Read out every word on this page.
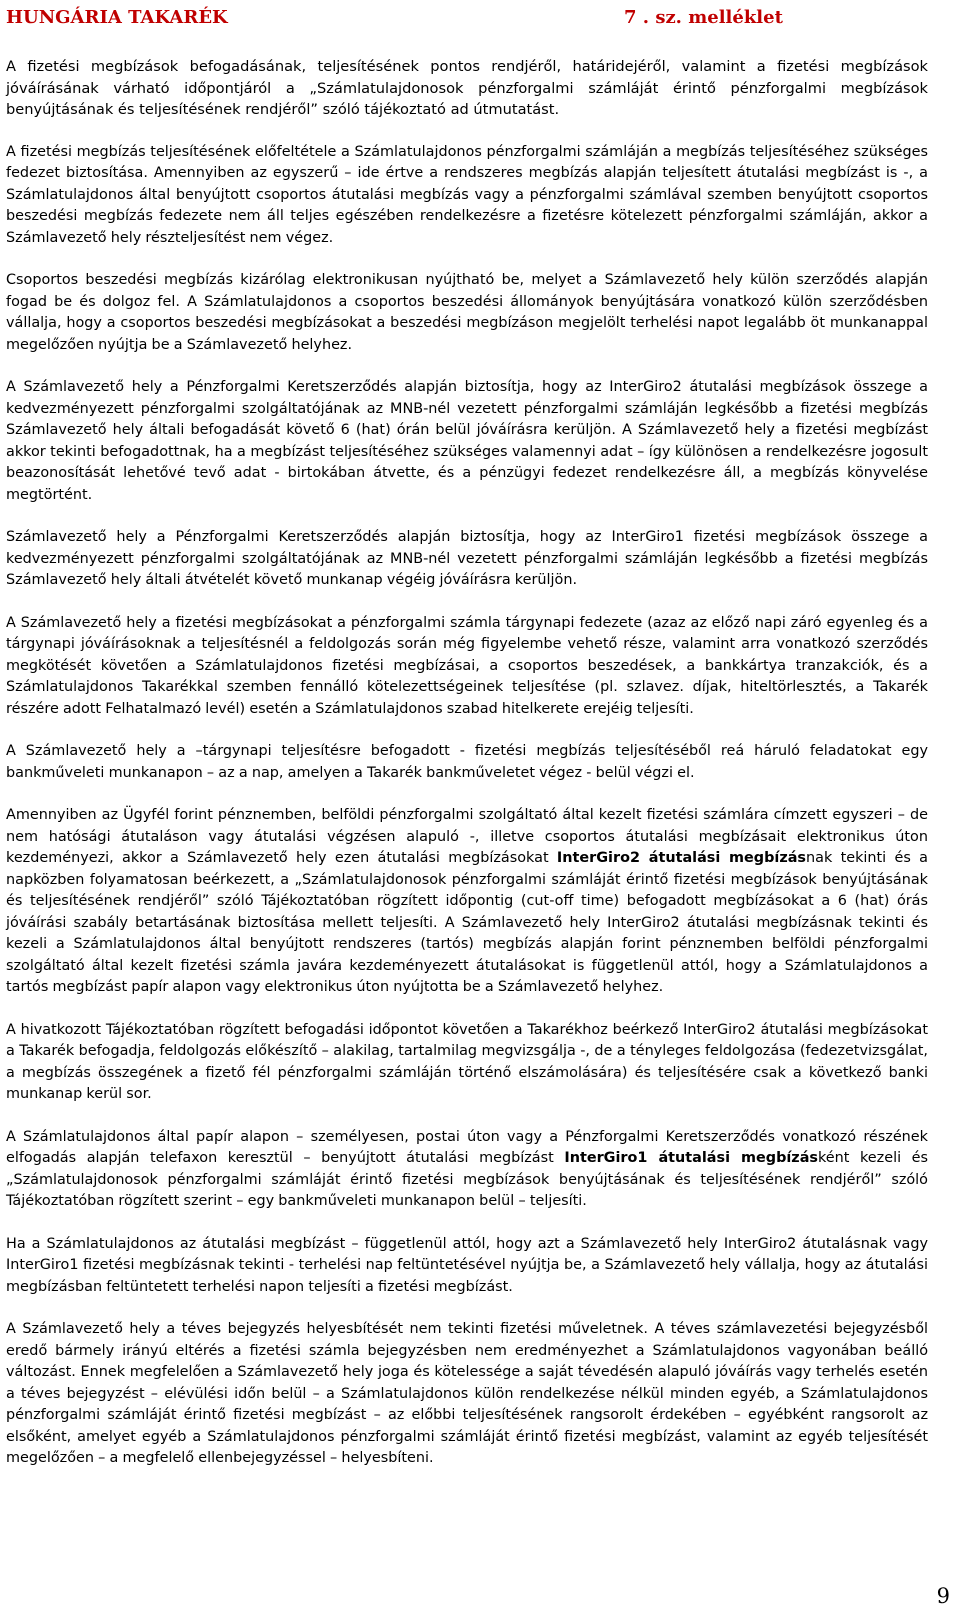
HUNGÁRIA TAKARÉK	7 . sz. melléklet

A fizetési megbízások befogadásának, teljesítésének pontos rendjéről, határidejéről, valamint a fizetési megbízások jóváírásának várható időpontjáról a „Számlatulajdonosok pénzforgalmi számláját érintő pénzforgalmi megbízások benyújtásának és teljesítésének rendjéről” szóló tájékoztató ad útmutatást.

A fizetési megbízás teljesítésének előfeltétele a Számlatulajdonos pénzforgalmi számláján a megbízás teljesítéséhez szükséges fedezet biztosítása. Amennyiben az egyszerű – ide értve a rendszeres megbízás alapján teljesített átutalási megbízást is -, a Számlatulajdonos által benyújtott csoportos átutalási megbízás vagy a pénzforgalmi számlával szemben benyújtott csoportos beszedési megbízás fedezete nem áll teljes egészében rendelkezésre a fizetésre kötelezett pénzforgalmi számláján, akkor a Számlavezető hely részteljesítést nem végez.

Csoportos beszedési megbízás kizárólag elektronikusan nyújtható be, melyet a Számlavezető hely külön szerződés alapján fogad be és dolgoz fel. A Számlatulajdonos a csoportos beszedési állományok benyújtására vonatkozó külön szerződésben vállalja, hogy a csoportos beszedési megbízásokat a beszedési megbízáson megjelölt terhelési napot legalább öt munkanappal megelőzően nyújtja be a Számlavezető helyhez.

A Számlavezető hely a Pénzforgalmi Keretszerződés alapján biztosítja, hogy az InterGiro2 átutalási megbízások összege a kedvezményezett pénzforgalmi szolgáltatójának az MNB-nél vezetett pénzforgalmi számláján legkésőbb a fizetési megbízás Számlavezető hely általi befogadását követő 6 (hat) órán belül jóváírásra kerüljön. A Számlavezető hely a fizetési megbízást akkor tekinti befogadottnak, ha a megbízást teljesítéséhez szükséges valamennyi adat – így különösen a rendelkezésre jogosult beazonosítását lehetővé tevő adat - birtokában átvette, és a pénzügyi fedezet rendelkezésre áll, a megbízás könyvelése megtörtént.

Számlavezető hely a Pénzforgalmi Keretszerződés alapján biztosítja, hogy az InterGiro1 fizetési megbízások összege a kedvezményezett pénzforgalmi szolgáltatójának az MNB-nél vezetett pénzforgalmi számláján legkésőbb a fizetési megbízás Számlavezető hely általi átvételét követő munkanap végéig jóváírásra kerüljön.

A Számlavezető hely a fizetési megbízásokat a pénzforgalmi számla tárgynapi fedezete (azaz az előző napi záró egyenleg és a tárgynapi jóváírásoknak a teljesítésnél a feldolgozás során még figyelembe vehető része, valamint arra vonatkozó szerződés megkötését követően a Számlatulajdonos fizetési megbízásai, a csoportos beszedések, a bankkártya tranzakciók, és a Számlatulajdonos Takarékkal szemben fennálló kötelezettségeinek teljesítése (pl. szlavez. díjak, hiteltörlesztés, a Takarék részére adott Felhatalmazó levél) esetén a Számlatulajdonos szabad hitelkerete erejéig teljesíti.

A Számlavezető hely a –tárgynapi teljesítésre befogadott - fizetési megbízás teljesítéséből reá háruló feladatokat egy bankműveleti munkanapon – az a nap, amelyen a Takarék bankműveletet végez - belül végzi el.

Amennyiben az Ügyfél forint pénznemben, belföldi pénzforgalmi szolgáltató által kezelt fizetési számlára címzett egyszeri – de nem hatósági átutaláson vagy átutalási végzésen alapuló -, illetve csoportos átutalási megbízásait elektronikus úton kezdeményezi, akkor a Számlavezető hely ezen átutalási megbízásokat InterGiro2 átutalási megbízásnak tekinti és a napközben folyamatosan beérkezett, a „Számlatulajdonosok pénzforgalmi számláját érintő fizetési megbízások benyújtásának és teljesítésének rendjéről” szóló Tájékoztatóban rögzített időpontig (cut-off time) befogadott megbízásokat a 6 (hat) órás jóváírási szabály betartásának biztosítása mellett teljesíti. A Számlavezető hely InterGiro2 átutalási megbízásnak tekinti és kezeli a Számlatulajdonos által benyújtott rendszeres (tartós) megbízás alapján forint pénznemben belföldi pénzforgalmi szolgáltató által kezelt fizetési számla javára kezdeményezett átutalásokat is függetlenül attól, hogy a Számlatulajdonos a tartós megbízást papír alapon vagy elektronikus úton nyújtotta be a Számlavezető helyhez.

A hivatkozott Tájékoztatóban rögzített befogadási időpontot követően a Takarékhoz beérkező InterGiro2 átutalási megbízásokat a Takarék befogadja, feldolgozás előkészítő – alakilag, tartalmilag megvizsgálja -, de a tényleges feldolgozása (fedezetvizsgálat, a megbízás összegének a fizető fél pénzforgalmi számláján történő elszámolására) és teljesítésére csak a következő banki munkanap kerül sor.

A Számlatulajdonos által papír alapon – személyesen, postai úton vagy a Pénzforgalmi Keretszerződés vonatkozó részének elfogadás alapján telefaxon keresztül – benyújtott átutalási megbízást InterGiro1 átutalási megbízásként kezeli és „Számlatulajdonosok pénzforgalmi számláját érintő fizetési megbízások benyújtásának és teljesítésének rendjéről” szóló Tájékoztatóban rögzített szerint – egy bankműveleti munkanapon belül – teljesíti.

Ha a Számlatulajdonos az átutalási megbízást – függetlenül attól, hogy azt a Számlavezető hely InterGiro2 átutalásnak vagy InterGiro1 fizetési megbízásnak tekinti - terhelési nap feltüntetésével nyújtja be, a Számlavezető hely vállalja, hogy az átutalási megbízásban feltüntetett terhelési napon teljesíti a fizetési megbízást.

A Számlavezető hely a téves bejegyzés helyesbítését nem tekinti fizetési műveletnek. A téves számlavezetési bejegyzésből eredő bármely irányú eltérés a fizetési számla bejegyzésben nem eredményezhet a Számlatulajdonos vagyonában beálló változást. Ennek megfelelően a Számlavezető hely joga és kötelessége a saját tévedésén alapuló jóváírás vagy terhelés esetén a téves bejegyzést – elévülési időn belül – a Számlatulajdonos külön rendelkezése nélkül minden egyéb, a Számlatulajdonos pénzforgalmi számláját érintő fizetési megbízást – az előbbi teljesítésének rangsorolt érdekében – egyébként rangsorolt az elsőként, amelyet egyéb a Számlatulajdonos pénzforgalmi számláját érintő fizetési megbízást, valamint az egyéb teljesítését megelőzően – a megfelelő ellenbejegyzéssel – helyesbíteni.

9
